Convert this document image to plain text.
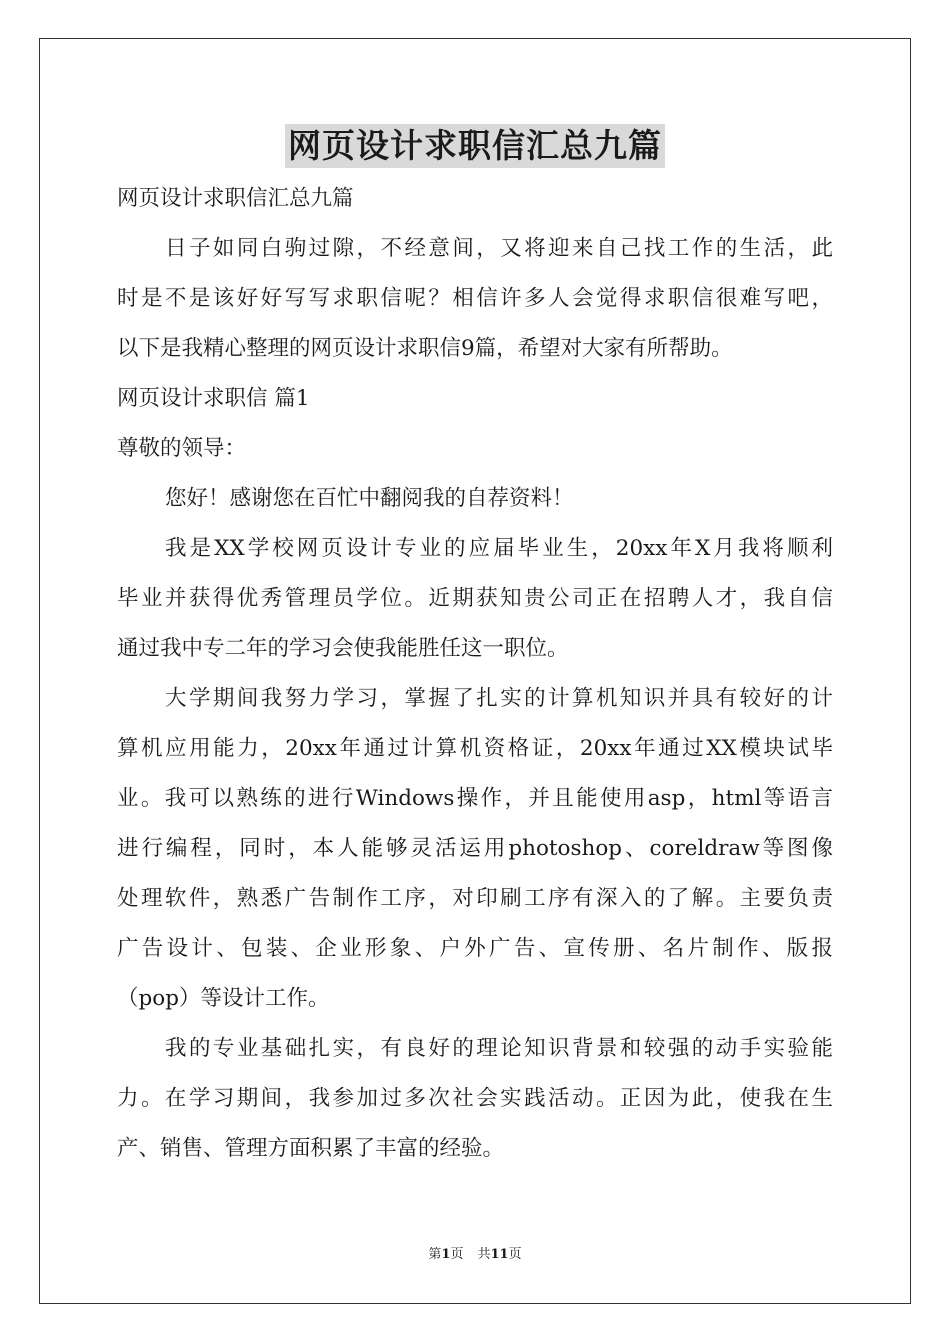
网页设计求职信汇总九篇
网页设计求职信汇总九篇
日子如同白驹过隙，不经意间，又将迎来自己找工作的生活，此
时是不是该好好写写求职信呢？相信许多人会觉得求职信很难写吧，
以下是我精心整理的网页设计求职信9篇，希望对大家有所帮助。
网页设计求职信 篇1
尊敬的领导：
您好！感谢您在百忙中翻阅我的自荐资料！
我是XX学校网页设计专业的应届毕业生，20xx年X月我将顺利
毕业并获得优秀管理员学位。近期获知贵公司正在招聘人才，我自信
通过我中专二年的学习会使我能胜任这一职位。
大学期间我努力学习，掌握了扎实的计算机知识并具有较好的计
算机应用能力，20xx年通过计算机资格证，20xx年通过XX模块试毕
业。我可以熟练的进行Windows操作，并且能使用asp，html等语言
进行编程，同时，本人能够灵活运用photoshop、coreldraw等图像
处理软件，熟悉广告制作工序，对印刷工序有深入的了解。主要负责
广告设计、包装、企业形象、户外广告、宣传册、名片制作、版报
（pop）等设计工作。
我的专业基础扎实，有良好的理论知识背景和较强的动手实验能
力。在学习期间，我参加过多次社会实践活动。正因为此，使我在生
产、销售、管理方面积累了丰富的经验。
第1页 共11页
